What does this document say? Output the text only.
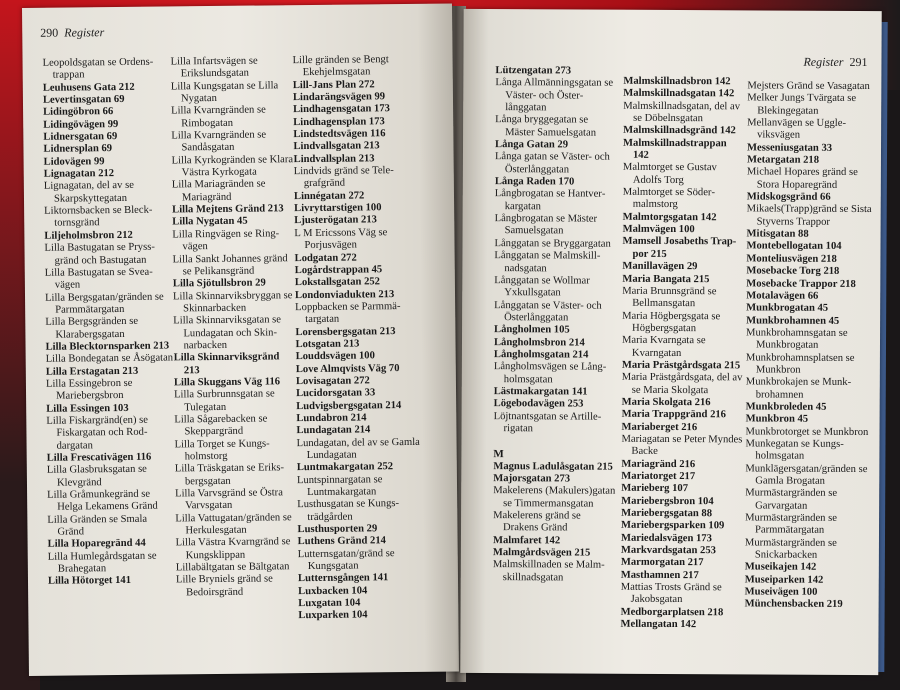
290 Register
Leopoldsgatan se Ordenstrappan
Leuhusens Gata 212
Levertinsgatan 69
Lidingöbron 66
Lidingövägen 99
Lidnersgatan 69
Lidnersplan 69
Lidovägen 99
Lignagatan 212
Lignagatan, del av se Skarpskyttegatan
Liktornsbacken se Blecktornsgränd
Liljeholmsbron 212
Lilla Bastugatan se Pryssgränd och Bastugatan
Lilla Bastugatan se Sveavägen
Lilla Bergsgatan/gränden se Parmmätargatan
Lilla Bergsgränden se Klarabergsgatan
Lilla Blecktornsparken 213
Lilla Bondegatan se Åsögatan
Lilla Erstagatan 213
Lilla Essingebron se Mariebergsbron
Lilla Essingen 103
Lilla Fiskargränd(en) se Fiskargatan och Roddargatan
Lilla Frescativägen 116
Lilla Glasbruksgatan se Klevgränd
Lilla Gråmunkegränd se Helga Lekamens Gränd
Lilla Gränden se Smala Gränd
Lilla Hoparegränd 44
Lilla Humlegårdsgatan se Brahegatan
Lilla Hötorget 141
Lilla Infartsvägen se Erikslundsgatan
Lilla Kungsgatan se Lilla Nygatan
Lilla Kvarngränden se Rimbogatan
Lilla Kvarngränden se Sandåsgatan
Lilla Kyrkogränden se Klara Västra Kyrkogata
Lilla Mariagränden se Mariagränd
Lilla Mejtens Gränd 213
Lilla Nygatan 45
Lilla Ringvägen se Ringvägen
Lilla Sankt Johannes gränd se Pelikansgränd
Lilla Sjötullsbron 29
Lilla Skinnarviksbryggan se Skinnarbacken
Lilla Skinnarviksgatan se Lundagatan och Skinnarbacken
Lilla Skinnarviksgränd 213
Lilla Skuggans Väg 116
Lilla Surbrunnsgatan se Tulegatan
Lilla Sågarebacken se Skeppargränd
Lilla Torget se Kungsholmstorg
Lilla Träskgatan se Eriksbergsgatan
Lilla Varvsgränd se Östra Varvsgatan
Lilla Vattugatan/gränden se Herkulesgatan
Lilla Västra Kvarngränd se Kungsklippan
Lillabältgatan se Bältgatan
Lille Bryniels gränd se Bedoirsgränd
Lille gränden se Bengt Ekehjelmsgatan
Lill-Jans Plan 272
Lindarängsvägen 99
Lindhagensgatan 173
Lindhagensplan 173
Lindstedtsvägen 116
Lindvallsgatan 213
Lindvallsplan 213
Lindvids gränd se Telegrafgränd
Linnégatan 272
Livryttarstigen 100
Ljusterögatan 213
L M Ericssons Väg se Porjusvägen
Lodgatan 272
Logårdstrappan 45
Lokstallsgatan 252
Londonviadukten 213
Loppbacken se Parmmätargatan
Lorensbergsgatan 213
Lotsgatan 213
Louddsvägen 100
Love Almqvists Väg 70
Lovisagatan 272
Lucidorsgatan 33
Ludvigsbergsgatan 214
Lundabron 214
Lundagatan 214
Lundagatan, del av se Gamla Lundagatan
Luntmakargatan 252
Luntspinnargatan se Luntmakargatan
Lusthusgatan se Kungsträdgården
Lusthusporten 29
Luthens Gränd 214
Lutternsgatan/gränd se Kungsgatan
Lutternsgången 141
Luxbacken 104
Luxgatan 104
Luxparken 104
Register 291
Lützengatan 273
Långa Allmänningsgatan se Väster- och Österlånggatan
Långa bryggegatan se Mäster Samuelsgatan
Långa Gatan 29
Långa gatan se Väster- och Österlånggatan
Långa Raden 170
Långbrogatan se Hantverkargatan
Långbrogatan se Mäster Samuelsgatan
Långgatan se Bryggargatan
Långgatan se Malmskillnadsgatan
Långgatan se Wollmar Yxkullsgatan
Långgatan se Väster- och Österlånggatan
Långholmen 105
Långholmsbron 214
Långholmsgatan 214
Långholmsvägen se Långholmsgatan
Lästmakargatan 141
Lögebodavägen 253
Löjtnantsgatan se Artillerigatan
M
Magnus Ladulåsgatan 215
Majorsgatan 273
Makelerens (Makulers)gatan se Timmermansgatan
Makelerens gränd se Drakens Gränd
Malmfaret 142
Malmgårdsvägen 215
Malmskillnaden se Malmskillnadsgatan
Malmskillnadsbron 142
Malmskillnadsgatan 142
Malmskillnadsgatan, del av se Döbelnsgatan
Malmskillnadsgränd 142
Malmskillnadstrappan 142
Malmtorget se Gustav Adolfs Torg
Malmtorget se Södermalmstorg
Malmtorgsgatan 142
Malmvägen 100
Mamsell Josabeths Trappor 215
Manillavägen 29
Maria Bangata 215
Maria Brunnsgränd se Bellmansgatan
Maria Högbergsgata se Högbergsgatan
Maria Kvarngata se Kvarngatan
Maria Prästgårdsgata 215
Maria Prästgårdsgata, del av se Maria Skolgata
Maria Skolgata 216
Maria Trappgränd 216
Mariaberget 216
Mariagatan se Peter Myndes Backe
Mariagränd 216
Mariatorget 217
Marieberg 107
Mariebergsbron 104
Mariebergsgatan 88
Mariebergsparken 109
Mariedalsvägen 173
Markvardsgatan 253
Marmorgatan 217
Masthamnen 217
Mattias Trosts Gränd se Jakobsgatan
Medborgarplatsen 218
Mellangatan 142
Mejsters Gränd se Vasagatan
Melker Jungs Tvärgata se Blekingegatan
Mellanvägen se Uggleviksvägen
Messeniusgatan 33
Metargatan 218
Michael Hopares gränd se Stora Hoparegränd
Midskogsgränd 66
Mikaels(Trapp)gränd se Sista Styverns Trappor
Mitisgatan 88
Montebellogatan 104
Monteliusvägen 218
Mosebacke Torg 218
Mosebacke Trappor 218
Motalavägen 66
Munkbrogatan 45
Munkbrohamnen 45
Munkbrohamnsgatan se Munkbrogatan
Munkbrohamnsplatsen se Munkbron
Munkbrokajen se Munkbrohamnen
Munkbroleden 45
Munkbron 45
Munkbrotorget se Munkbron
Munkegatan se Kungsholmsgatan
Munklägersgatan/gränden se Gamla Brogatan
Murmästargränden se Garvargatan
Murmästargränden se Parmmätargatan
Murmästargränden se Snickarbacken
Museikajen 142
Museiparken 142
Museivägen 100
Münchensbacken 219
